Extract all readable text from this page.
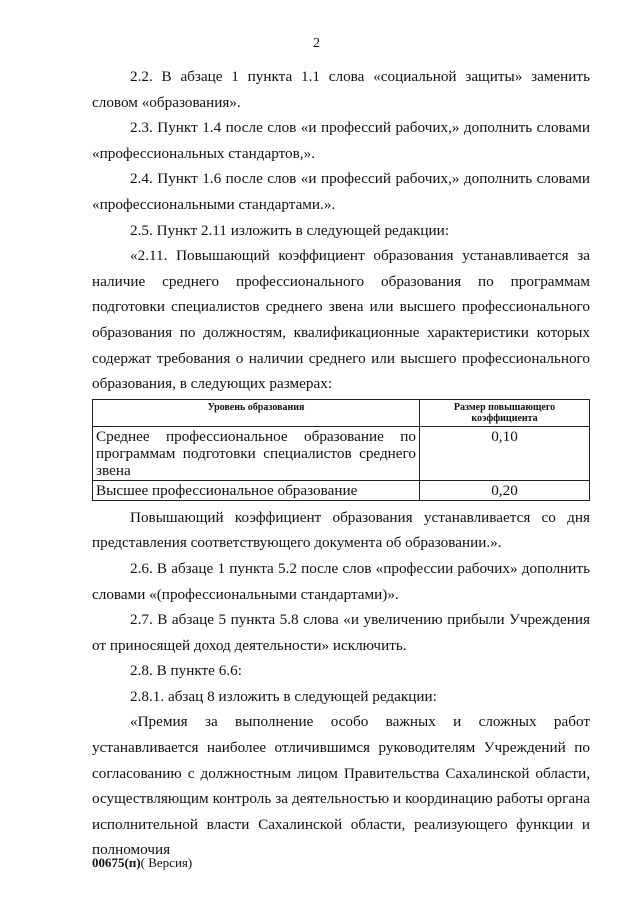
2

2.2. В абзаце 1 пункта 1.1 слова «социальной защиты» заменить словом «образования».

2.3. Пункт 1.4 после слов «и профессий рабочих,» дополнить словами «профессиональных стандартов,».

2.4. Пункт 1.6 после слов «и профессий рабочих,» дополнить словами «профессиональными стандартами.».

2.5. Пункт 2.11 изложить в следующей редакции:

«2.11. Повышающий коэффициент образования устанавливается за наличие среднего профессионального образования по программам подготовки специалистов среднего звена или высшего профессионального образования по должностям, квалификационные характеристики которых содержат требования о наличии среднего или высшего профессионального образования, в следующих размерах:

Уровень образования	Размер повышающего коэффициента
Среднее профессиональное образование по программам подготовки специалистов среднего звена	0,10
Высшее профессиональное образование	0,20

Повышающий коэффициент образования устанавливается со дня представления соответствующего документа об образовании.».

2.6. В абзаце 1 пункта 5.2 после слов «профессии рабочих» дополнить словами «(профессиональными стандартами)».

2.7. В абзаце 5 пункта 5.8 слова «и увеличению прибыли Учреждения от приносящей доход деятельности» исключить.

2.8. В пункте 6.6:

2.8.1. абзац 8 изложить в следующей редакции:

«Премия за выполнение особо важных и сложных работ устанавливается наиболее отличившимся руководителям Учреждений по согласованию с должностным лицом Правительства Сахалинской области, осуществляющим контроль за деятельностью и координацию работы органа исполнительной власти Сахалинской области, реализующего функции и полномочия

00675(п)( Версия)
